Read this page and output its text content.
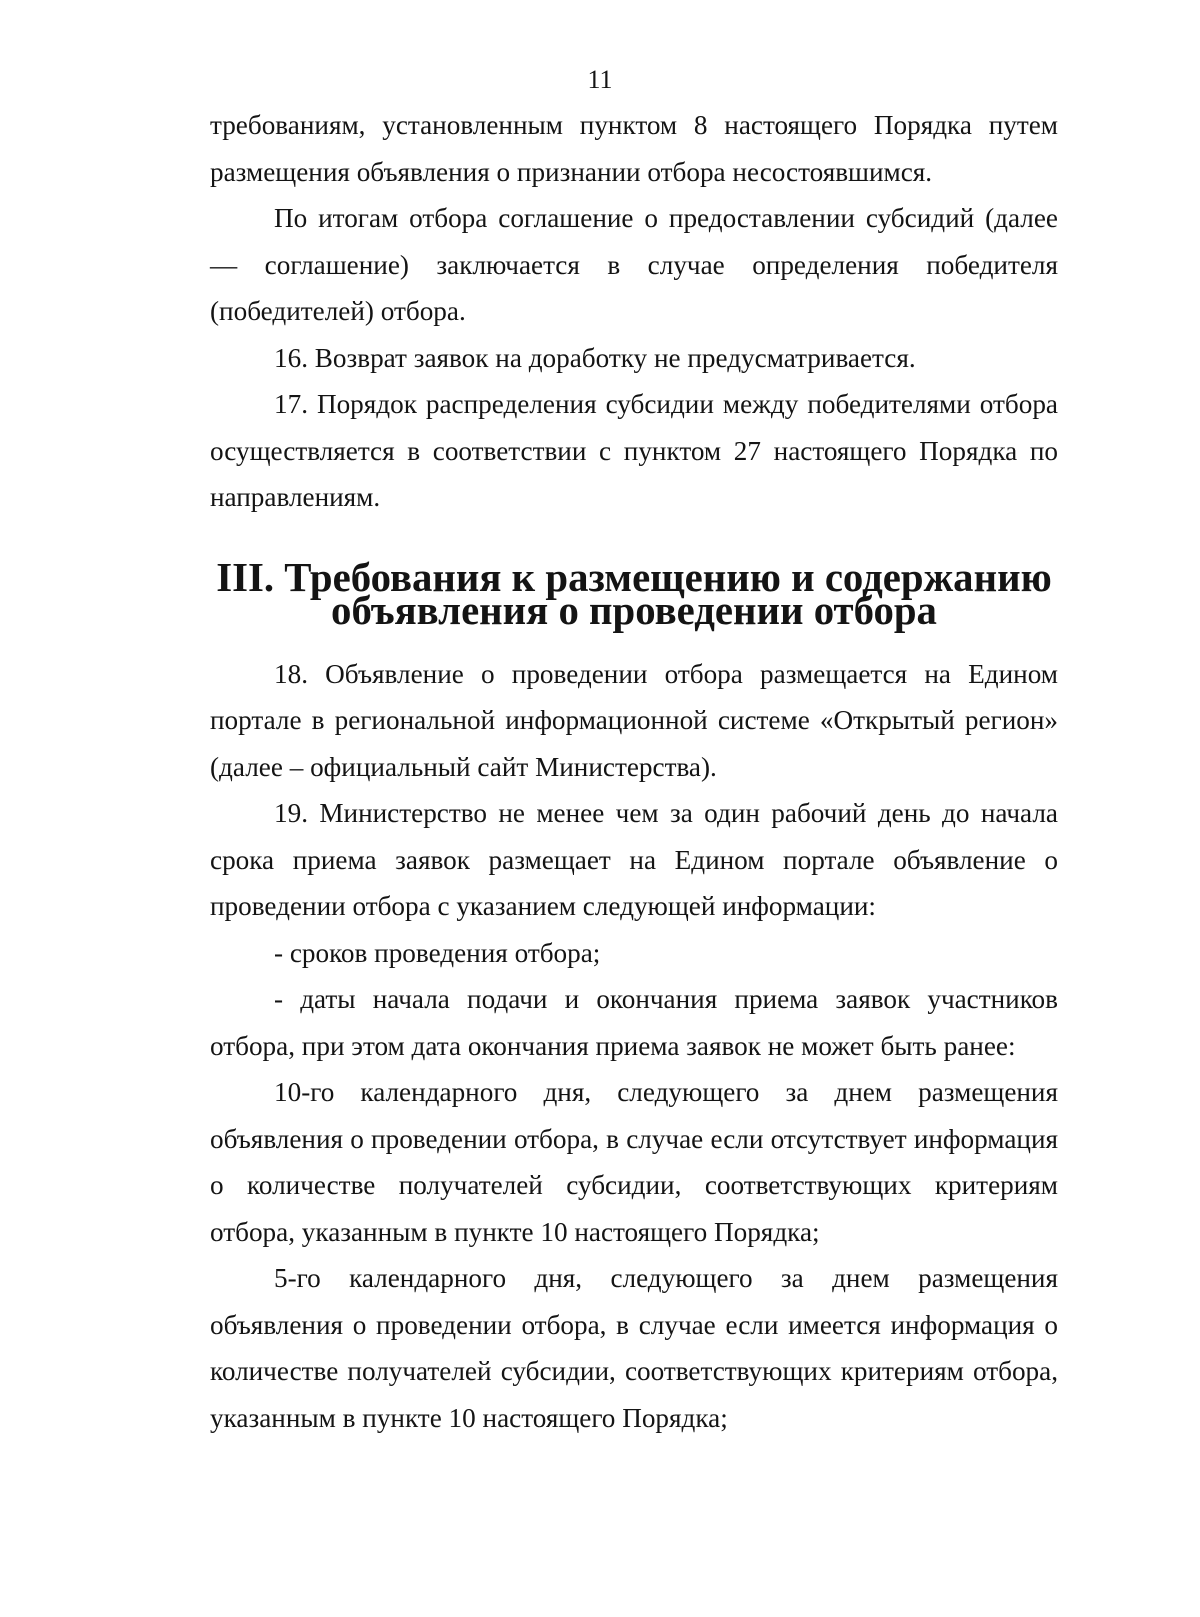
11

требованиям, установленным пунктом 8 настоящего Порядка путем размещения объявления о признании отбора несостоявшимся.

По итогам отбора соглашение о предоставлении субсидий (далее — соглашение) заключается в случае определения победителя (победителей) отбора.

16. Возврат заявок на доработку не предусматривается.

17. Порядок распределения субсидии между победителями отбора осуществляется в соответствии с пунктом 27 настоящего Порядка по направлениям.

III. Требования к размещению и содержанию
объявления о проведении отбора

18. Объявление о проведении отбора размещается на Едином портале в региональной информационной системе «Открытый регион» (далее – официальный сайт Министерства).

19. Министерство не менее чем за один рабочий день до начала срока приема заявок размещает на Едином портале объявление о проведении отбора с указанием следующей информации:

- сроков проведения отбора;

- даты начала подачи и окончания приема заявок участников отбора, при этом дата окончания приема заявок не может быть ранее:

10-го календарного дня, следующего за днем размещения объявления о проведении отбора, в случае если отсутствует информация о количестве получателей субсидии, соответствующих критериям отбора, указанным в пункте 10 настоящего Порядка;

5-го календарного дня, следующего за днем размещения объявления о проведении отбора, в случае если имеется информация о количестве получателей субсидии, соответствующих критериям отбора, указанным в пункте 10 настоящего Порядка;
